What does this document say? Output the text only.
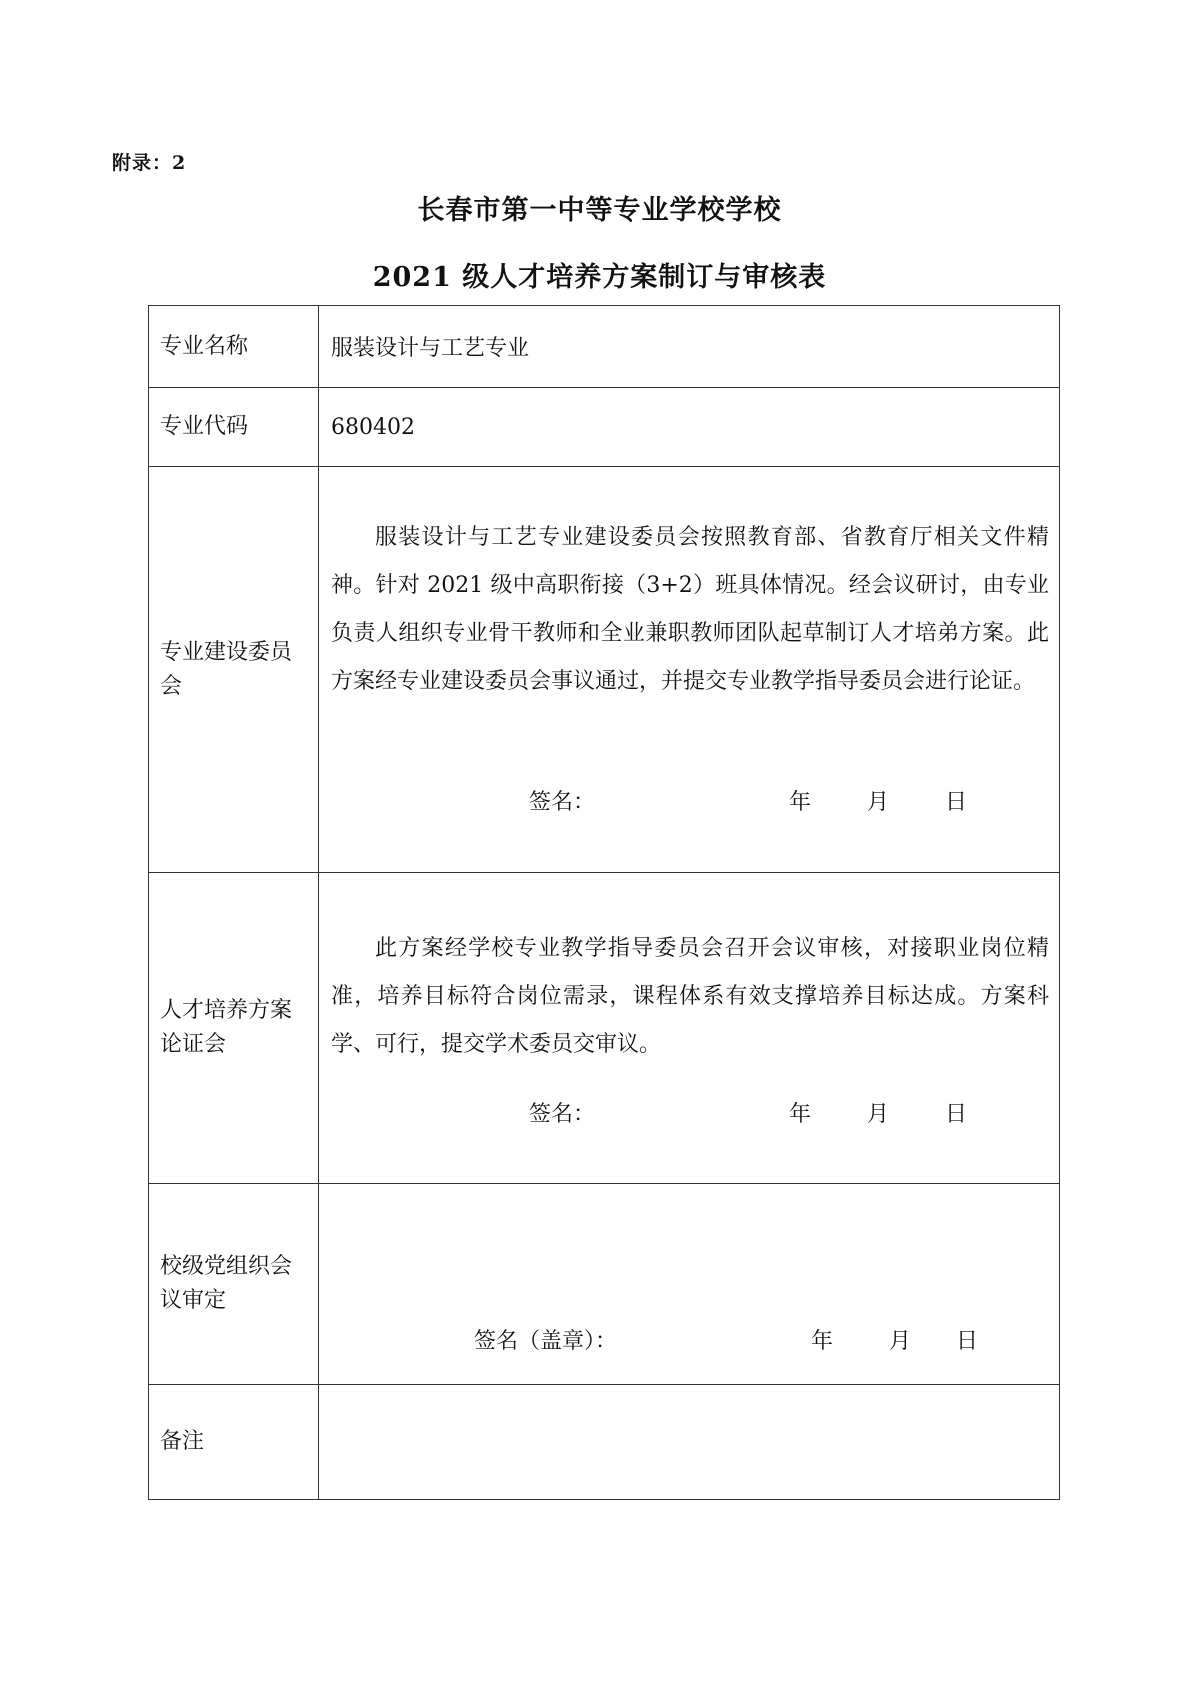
附录：2
长春市第一中等专业学校学校
2021 级人才培养方案制订与审核表
专业名称	服装设计与工艺专业
专业代码	680402
专业建设委员会	服装设计与工艺专业建设委员会按照教育部、省教育厅相关文件精神。针对 2021 级中高职衔接（3+2）班具体情况。经会议研讨，由专业负责人组织专业骨干教师和全业兼职教师团队起草制订人才培弟方案。此方案经专业建设委员会事议通过，并提交专业教学指导委员会进行论证。
签名： 年 月 日

人才培养方案论证会	此方案经学校专业教学指导委员会召开会议审核，对接职业岗位精准，培养目标符合岗位需录，课程体系有效支撑培养目标达成。方案科学、可行，提交学术委员交审议。
签名： 年 月 日

校级党组织会议审定	签名（盖章）： 年 月 日

备注	
